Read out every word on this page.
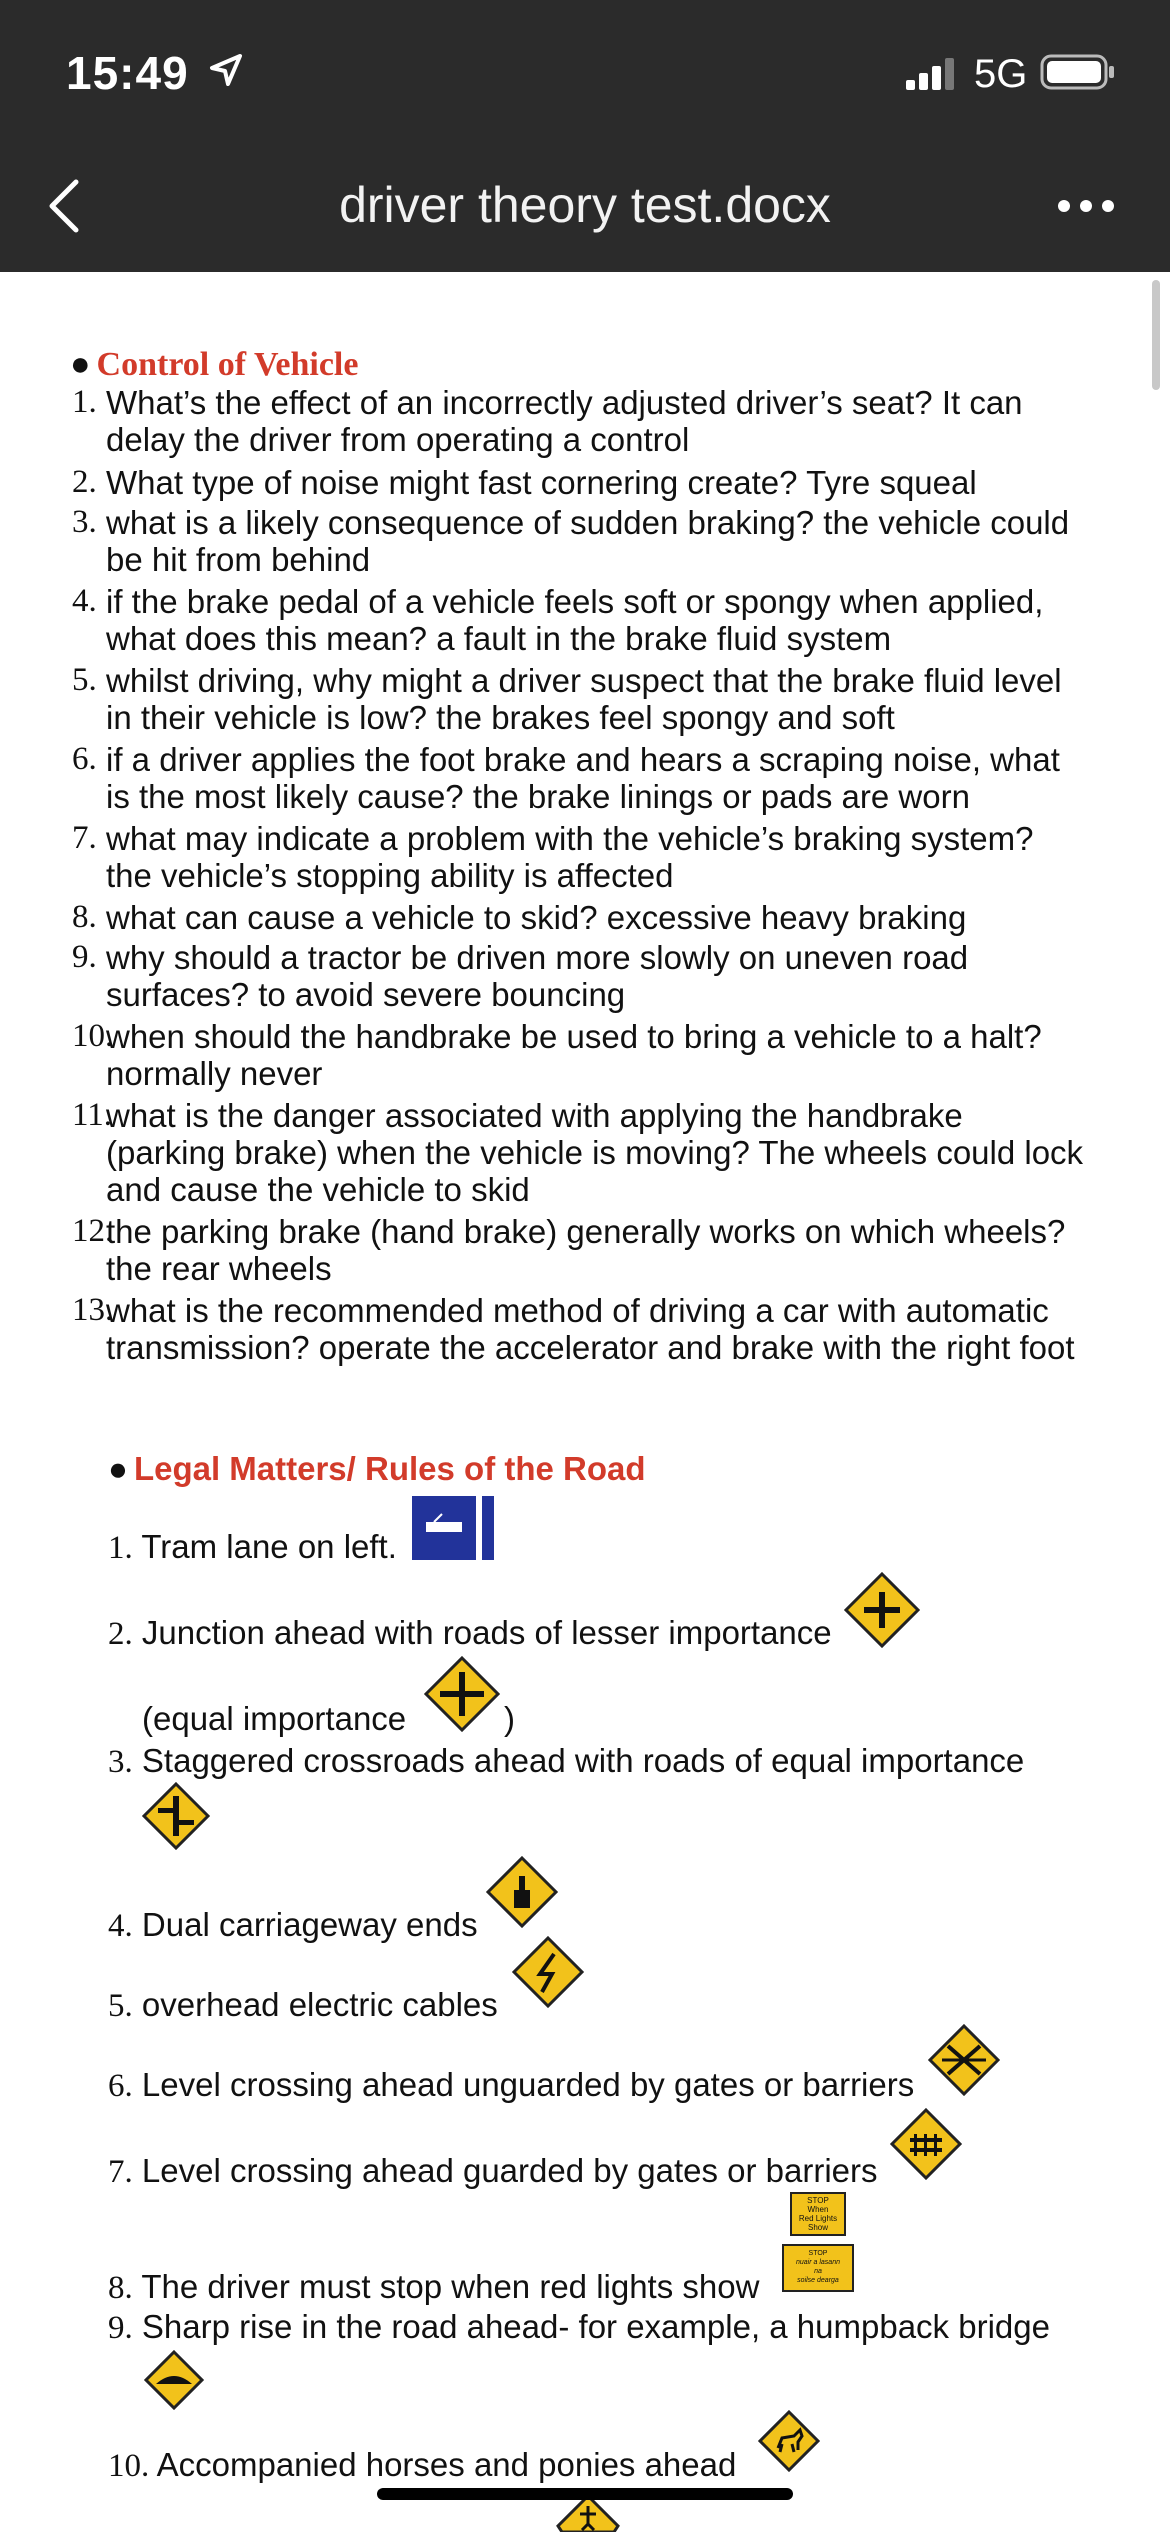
15:49	5G
driver theory test.docx
● Control of Vehicle
1. What’s the effect of an incorrectly adjusted driver’s seat? It can
delay the driver from operating a control
2. What type of noise might fast cornering create? Tyre squeal
3. what is a likely consequence of sudden braking? the vehicle could
be hit from behind
4. if the brake pedal of a vehicle feels soft or spongy when applied,
what does this mean? a fault in the brake fluid system
5. whilst driving, why might a driver suspect that the brake fluid level
in their vehicle is low? the brakes feel spongy and soft
6. if a driver applies the foot brake and hears a scraping noise, what
is the most likely cause? the brake linings or pads are worn
7. what may indicate a problem with the vehicle’s braking system?
the vehicle’s stopping ability is affected
8. what can cause a vehicle to skid? excessive heavy braking
9. why should a tractor be driven more slowly on uneven road
surfaces? to avoid severe bouncing
10.
when should the handbrake be used to bring a vehicle to a halt?
normally never
11.
what is the danger associated with applying the handbrake
(parking brake) when the vehicle is moving? The wheels could lock
and cause the vehicle to skid
12.
the parking brake (hand brake) generally works on which wheels?
the rear wheels
13.
what is the recommended method of driving a car with automatic
transmission? operate the accelerator and brake with the right foot
● Legal Matters/ Rules of the Road
1. Tram lane on left.
2. Junction ahead with roads of lesser importance
(equal importance	)
3. Staggered crossroads ahead with roads of equal importance
4. Dual carriageway ends
5. overhead electric cables
6. Level crossing ahead unguarded by gates or barriers
7. Level crossing ahead guarded by gates or barriers
STOP
When
Red Lights
Show
STOP
nuair a lasann
na
soilse dearga
8. The driver must stop when red lights show
9. Sharp rise in the road ahead- for example, a humpback bridge
10. Accompanied horses and ponies ahead
